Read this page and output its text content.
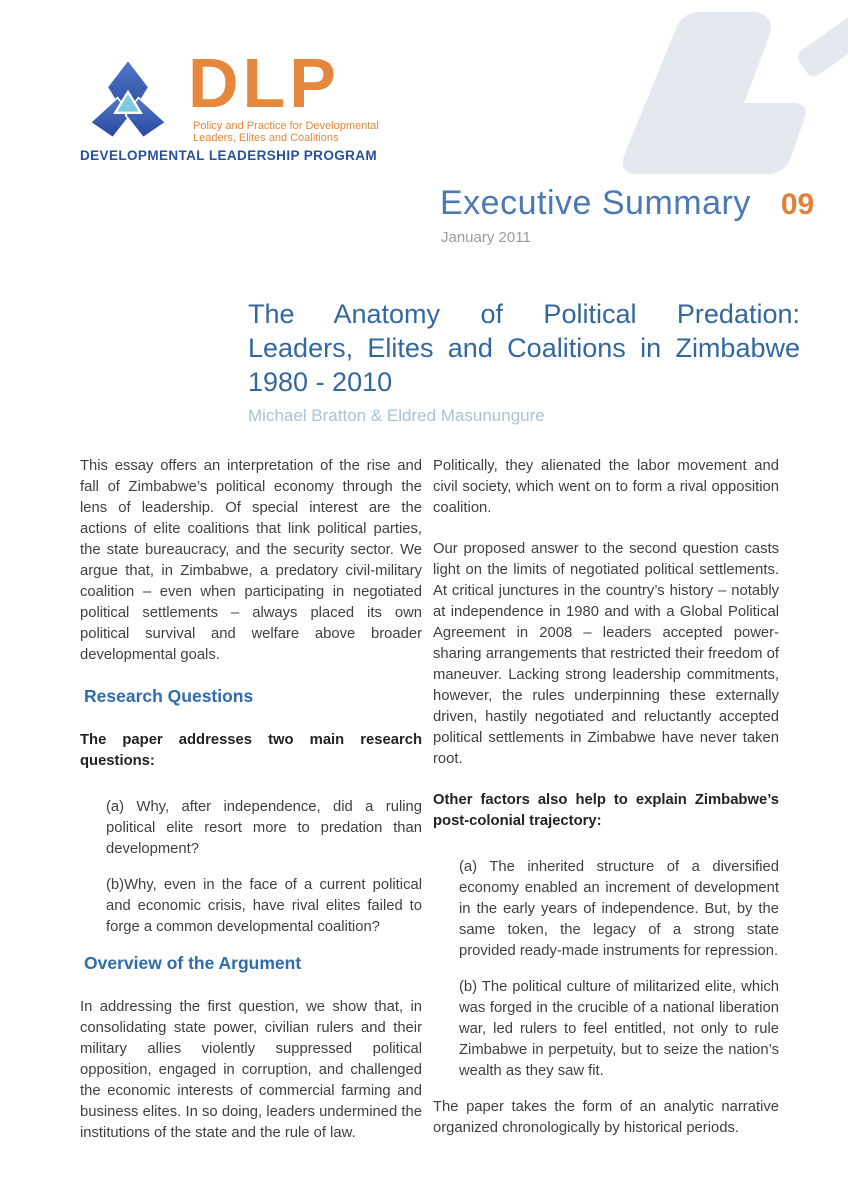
DLP
Policy and Practice for Developmental
Leaders, Elites and Coalitions
DEVELOPMENTAL LEADERSHIP PROGRAM
Executive Summary 09
January 2011
The Anatomy of Political Predation:
Leaders, Elites and Coalitions in Zimbabwe
1980 - 2010
Michael Bratton & Eldred Masunungure

This essay offers an interpretation of the rise and fall of Zimbabwe’s political economy through the lens of leadership. Of special interest are the actions of elite coalitions that link political parties, the state bureaucracy, and the security sector. We argue that, in Zimbabwe, a predatory civil-military coalition – even when participating in negotiated political settlements – always placed its own political survival and welfare above broader developmental goals.

Research Questions

The paper addresses two main research questions:

(a) Why, after independence, did a ruling political elite resort more to predation than development?

(b)Why, even in the face of a current political and economic crisis, have rival elites failed to forge a common developmental coalition?

Overview of the Argument

In addressing the first question, we show that, in consolidating state power, civilian rulers and their military allies violently suppressed political opposition, engaged in corruption, and challenged the economic interests of commercial farming and business elites. In so doing, leaders undermined the institutions of the state and the rule of law.

Politically, they alienated the labor movement and civil society, which went on to form a rival opposition coalition.

Our proposed answer to the second question casts light on the limits of negotiated political settlements. At critical junctures in the country’s history – notably at independence in 1980 and with a Global Political Agreement in 2008 – leaders accepted power-sharing arrangements that restricted their freedom of maneuver. Lacking strong leadership commitments, however, the rules underpinning these externally driven, hastily negotiated and reluctantly accepted political settlements in Zimbabwe have never taken root.

Other factors also help to explain Zimbabwe’s post-colonial trajectory:

(a) The inherited structure of a diversified economy enabled an increment of development in the early years of independence. But, by the same token, the legacy of a strong state provided ready-made instruments for repression.

(b) The political culture of militarized elite, which was forged in the crucible of a national liberation war, led rulers to feel entitled, not only to rule Zimbabwe in perpetuity, but to seize the nation’s wealth as they saw fit.

The paper takes the form of an analytic narrative organized chronologically by historical periods.
